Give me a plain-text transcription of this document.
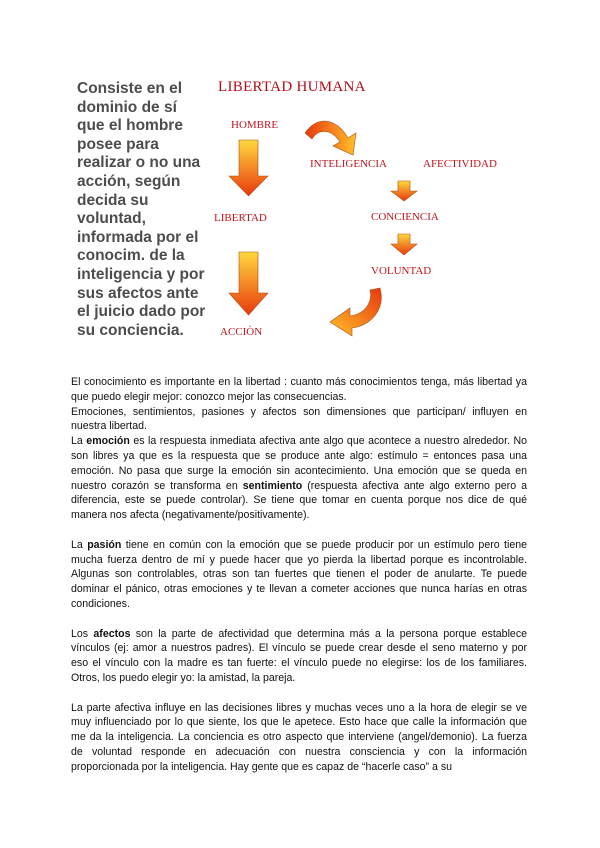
Consiste en el dominio de sí que el hombre posee para realizar o no una acción, según decida su voluntad, informada por el conocim. de la inteligencia y por sus afectos ante el juicio dado por su conciencia.
LIBERTAD HUMANA
HOMBRE
INTELIGENCIA	AFECTIVIDAD
LIBERTAD	CONCIENCIA
VOLUNTAD
ACCIÒN

El conocimiento es importante en la libertad : cuanto más conocimientos tenga, más libertad ya que puedo elegir mejor: conozco mejor las consecuencias.

Emociones, sentimientos, pasiones y afectos son dimensiones que participan/ influyen en nuestra libertad.

La emoción es la respuesta inmediata afectiva ante algo que acontece a nuestro alrededor. No son libres ya que es la respuesta que se produce ante algo: estímulo = entonces pasa una emoción. No pasa que surge la emoción sin acontecimiento. Una emoción que se queda en nuestro corazón se transforma en sentimiento (respuesta afectiva ante algo externo pero a diferencia, este se puede controlar). Se tiene que tomar en cuenta porque nos dice de qué manera nos afecta (negativamente/positivamente).

La pasión tiene en común con la emoción que se puede producir por un estímulo pero tiene mucha fuerza dentro de mí y puede hacer que yo pierda la libertad porque es incontrolable. Algunas son controlables, otras son tan fuertes que tienen el poder de anularte. Te puede dominar el pánico, otras emociones y te llevan a cometer acciones que nunca harías en otras condiciones.

Los afectos son la parte de afectividad que determina más a la persona porque establece vínculos (ej: amor a nuestros padres). El vínculo se puede crear desde el seno materno y por eso el vínculo con la madre es tan fuerte: el vínculo puede no elegirse: los de los familiares. Otros, los puedo elegir yo: la amistad, la pareja.

La parte afectiva influye en las decisiones libres y muchas veces uno a la hora de elegir se ve muy influenciado por lo que siente, los que le apetece. Esto hace que calle la información que me da la inteligencia. La conciencia es otro aspecto que interviene (angel/demonio). La fuerza de voluntad responde en adecuación con nuestra consciencia y con la información proporcionada por la inteligencia. Hay gente que es capaz de “hacerle caso” a su
